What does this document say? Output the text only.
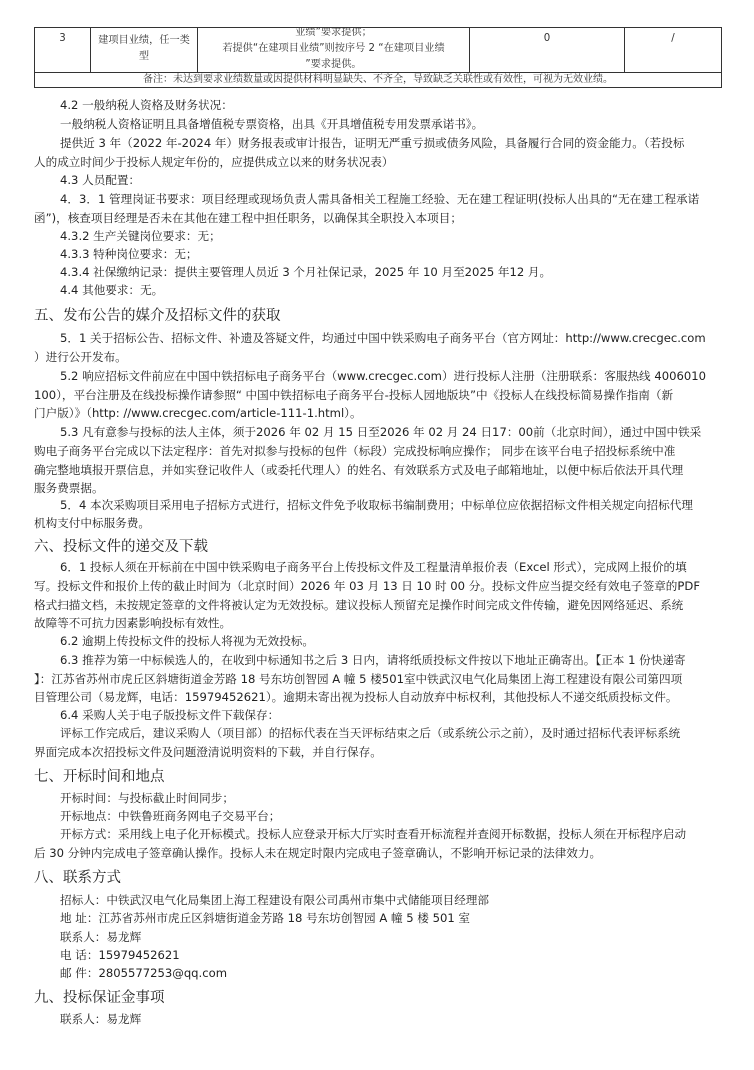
3	建项目业绩，任一类型
业绩”要求提供；
若提供“在建项目业绩”则按序号 2 “在建项目业绩
”要求提供。
0	/
备注：未达到要求业绩数量或因提供材料明显缺失、不齐全，导致缺乏关联性或有效性，可视为无效业绩。
4.2 一般纳税人资格及财务状况：
一般纳税人资格证明且具备增值税专票资格，出具《开具增值税专用发票承诺书》。
提供近 3 年（2022 年-2024 年）财务报表或审计报告，证明无严重亏损或债务风险，具备履行合同的资金能力。（若投标
人的成立时间少于投标人规定年份的，应提供成立以来的财务状况表）
4.3 人员配置：
4．3．1 管理岗证书要求：项目经理或现场负责人需具备相关工程施工经验、无在建工程证明(投标人出具的“无在建工程承诺
函”)，核查项目经理是否未在其他在建工程中担任职务，以确保其全职投入本项目；
4.3.2 生产关键岗位要求：无；
4.3.3 特种岗位要求：无；
4.3.4 社保缴纳记录：提供主要管理人员近 3 个月社保记录，2025 年 10 月至2025 年12 月。
4.4 其他要求：无。
五、发布公告的媒介及招标文件的获取
5．1 关于招标公告、招标文件、补遗及答疑文件，均通过中国中铁采购电子商务平台（官方网址：http://www.crecgec.com
）进行公开发布。
5.2 响应招标文件前应在中国中铁招标电子商务平台（www.crecgec.com）进行投标人注册（注册联系：客服热线 4006010
100），平台注册及在线投标操作请参照“ 中国中铁招标电子商务平台-投标人园地版块”中《投标人在线投标简易操作指南（新
门户版）》（http: //www.crecgec.com/article-111-1.html）。
5.3 凡有意参与投标的法人主体，须于2026 年 02 月 15 日至2026 年 02 月 24 日17：00前（北京时间），通过中国中铁采
购电子商务平台完成以下法定程序：首先对拟参与投标的包件（标段）完成投标响应操作； 同步在该平台电子招投标系统中准
确完整地填报开票信息，并如实登记收件人（或委托代理人）的姓名、有效联系方式及电子邮箱地址，以便中标后依法开具代理
服务费票据。
5．4 本次采购项目采用电子招标方式进行，招标文件免予收取标书编制费用；中标单位应依据招标文件相关规定向招标代理
机构支付中标服务费。
六、投标文件的递交及下载
6．1 投标人须在开标前在中国中铁采购电子商务平台上传投标文件及工程量清单报价表（Excel 形式），完成网上报价的填
写。投标文件和报价上传的截止时间为（北京时间）2026 年 03 月 13 日 10 时 00 分。投标文件应当提交经有效电子签章的PDF
格式扫描文档，未按规定签章的文件将被认定为无效投标。建议投标人预留充足操作时间完成文件传输，避免因网络延迟、系统
故障等不可抗力因素影响投标有效性。
6.2 逾期上传投标文件的投标人将视为无效投标。
6.3 推荐为第一中标候选人的，在收到中标通知书之后 3 日内，请将纸质投标文件按以下地址正确寄出。【正本 1 份快递寄
】：江苏省苏州市虎丘区斜塘街道金芳路 18 号东坊创智园 A 幢 5 楼501室中铁武汉电气化局集团上海工程建设有限公司第四项
目管理公司（易龙辉，电话：15979452621）。逾期未寄出视为投标人自动放弃中标权利，其他投标人不递交纸质投标文件。
6.4 采购人关于电子版投标文件下载保存：
评标工作完成后，建议采购人（项目部）的招标代表在当天评标结束之后（或系统公示之前），及时通过招标代表评标系统
界面完成本次招投标文件及问题澄清说明资料的下载，并自行保存。
七、开标时间和地点
开标时间：与投标截止时间同步；
开标地点：中铁鲁班商务网电子交易平台；
开标方式：采用线上电子化开标模式。投标人应登录开标大厅实时查看开标流程并查阅开标数据，投标人须在开标程序启动
后 30 分钟内完成电子签章确认操作。投标人未在规定时限内完成电子签章确认，不影响开标记录的法律效力。
八、联系方式
招标人：中铁武汉电气化局集团上海工程建设有限公司禹州市集中式储能项目经理部
地 址：江苏省苏州市虎丘区斜塘街道金芳路 18 号东坊创智园 A 幢 5 楼 501 室
联系人：易龙辉
电 话：15979452621
邮 件：2805577253@qq.com
九、投标保证金事项
联系人：易龙辉
